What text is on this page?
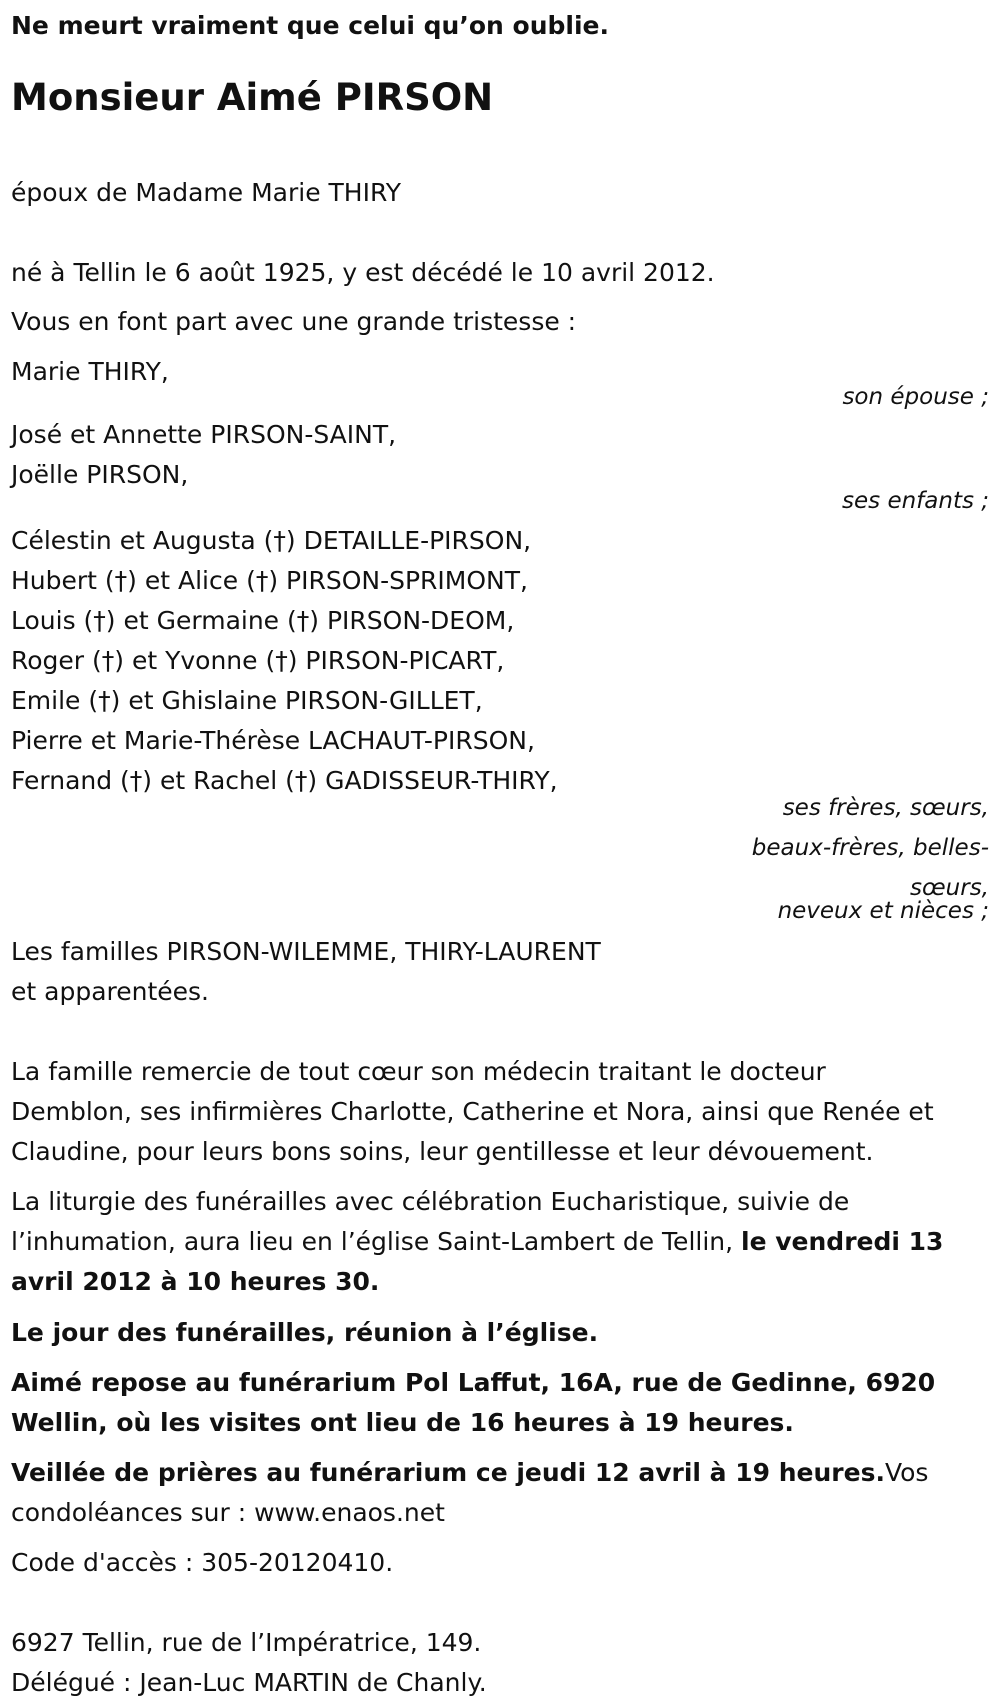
Ne meurt vraiment que celui qu’on oublie.

Monsieur Aimé PIRSON

époux de Madame Marie THIRY

né à Tellin le 6 août 1925, y est décédé le 10 avril 2012.

Vous en font part avec une grande tristesse :

Marie THIRY,

son épouse ;

José et Annette PIRSON-SAINT,

Joëlle PIRSON,

ses enfants ;

Célestin et Augusta (†) DETAILLE-PIRSON,

Hubert (†) et Alice (†) PIRSON-SPRIMONT,

Louis (†) et Germaine (†) PIRSON-DEOM,

Roger (†) et Yvonne (†) PIRSON-PICART,

Emile (†) et Ghislaine PIRSON-GILLET,

Pierre et Marie-Thérèse LACHAUT-PIRSON,

Fernand (†) et Rachel (†) GADISSEUR-THIRY,

ses frères, sœurs,

beaux-frères, belles-

sœurs,

neveux et nièces ;

Les familles PIRSON-WILEMME, THIRY-LAURENT

et apparentées.

La famille remercie de tout cœur son médecin traitant le docteur

Demblon, ses infirmières Charlotte, Catherine et Nora, ainsi que Renée et

Claudine, pour leurs bons soins, leur gentillesse et leur dévouement.

La liturgie des funérailles avec célébration Eucharistique, suivie de

l’inhumation, aura lieu en l’église Saint-Lambert de Tellin, le vendredi 13

avril 2012 à 10 heures 30.

Le jour des funérailles, réunion à l’église.

Aimé repose au funérarium Pol Laffut, 16A, rue de Gedinne, 6920

Wellin, où les visites ont lieu de 16 heures à 19 heures.

Veillée de prières au funérarium ce jeudi 12 avril à 19 heures.Vos

condoléances sur : www.enaos.net

Code d'accès : 305-20120410.

6927 Tellin, rue de l’Impératrice, 149.

Délégué : Jean-Luc MARTIN de Chanly.
